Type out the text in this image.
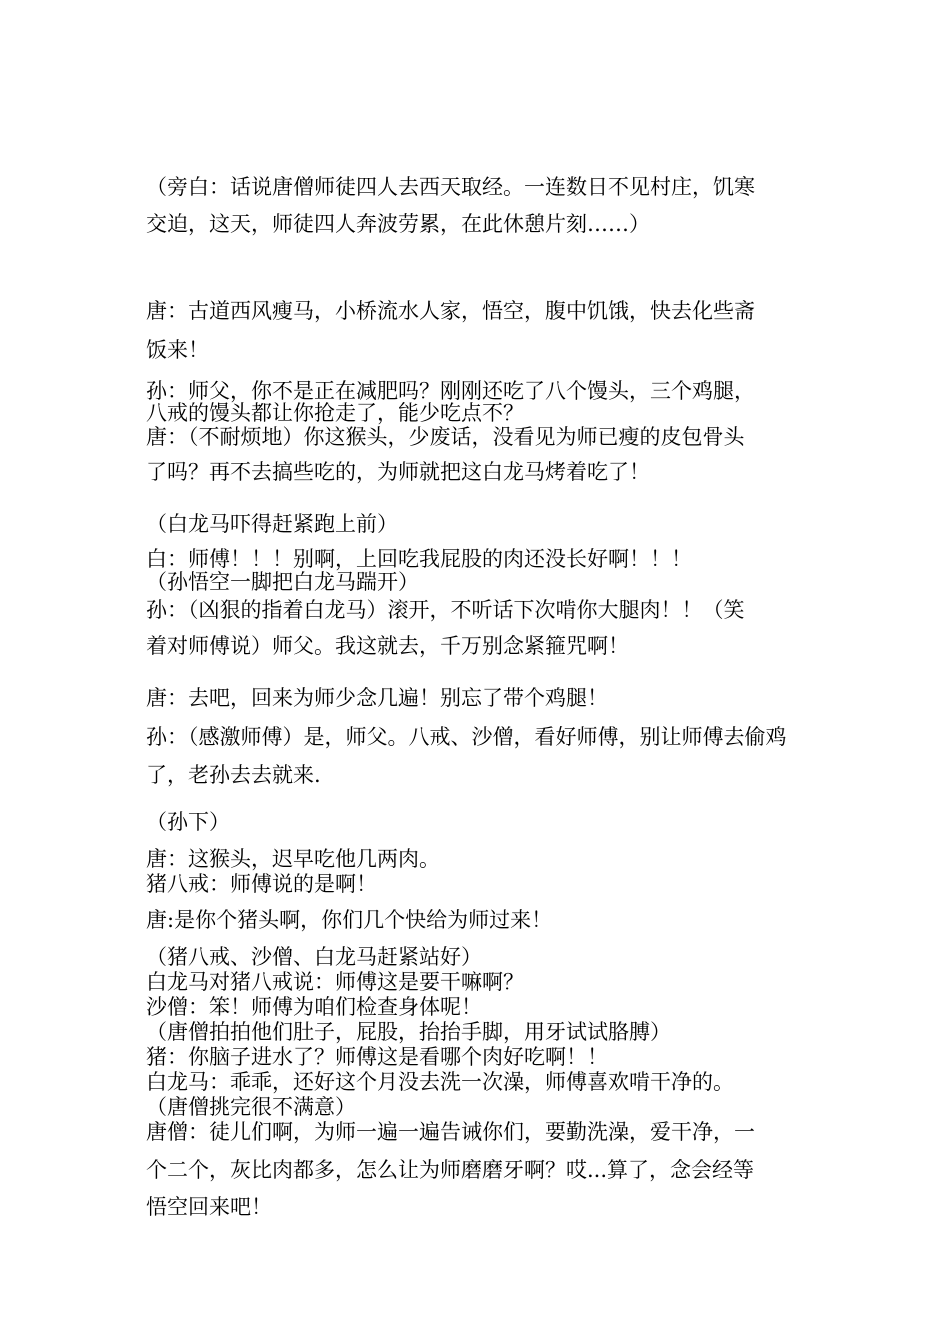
（旁白：话说唐僧师徒四人去西天取经。一连数日不见村庄，饥寒
交迫，这天，师徒四人奔波劳累，在此休憩片刻……）
唐：古道西风瘦马，小桥流水人家，悟空，腹中饥饿，快去化些斋
饭来！
孙：师父，你不是正在减肥吗？刚刚还吃了八个馒头，三个鸡腿，
八戒的馒头都让你抢走了，能少吃点不？
唐：（不耐烦地）你这猴头，少废话，没看见为师已瘦的皮包骨头
了吗？再不去搞些吃的，为师就把这白龙马烤着吃了！
（白龙马吓得赶紧跑上前）
白：师傅！！！别啊，上回吃我屁股的肉还没长好啊！！！
（孙悟空一脚把白龙马踹开）
孙：（凶狠的指着白龙马）滚开，不听话下次啃你大腿肉！！（笑
着对师傅说）师父。我这就去，千万别念紧箍咒啊！
唐：去吧，回来为师少念几遍！别忘了带个鸡腿！
孙：（感激师傅）是，师父。八戒、沙僧，看好师傅，别让师傅去偷鸡
了，老孙去去就来.
（孙下）
唐：这猴头，迟早吃他几两肉。
猪八戒：师傅说的是啊！
唐:是你个猪头啊，你们几个快给为师过来！
（猪八戒、沙僧、白龙马赶紧站好）
白龙马对猪八戒说：师傅这是要干嘛啊？
沙僧：笨！师傅为咱们检查身体呢！
（唐僧拍拍他们肚子，屁股，抬抬手脚，用牙试试胳膊）
猪：你脑子进水了？师傅这是看哪个肉好吃啊！！
白龙马：乖乖，还好这个月没去洗一次澡，师傅喜欢啃干净的。
（唐僧挑完很不满意）
唐僧：徒儿们啊，为师一遍一遍告诫你们，要勤洗澡，爱干净，一
个二个，灰比肉都多，怎么让为师磨磨牙啊？哎...算了，念会经等
悟空回来吧！
